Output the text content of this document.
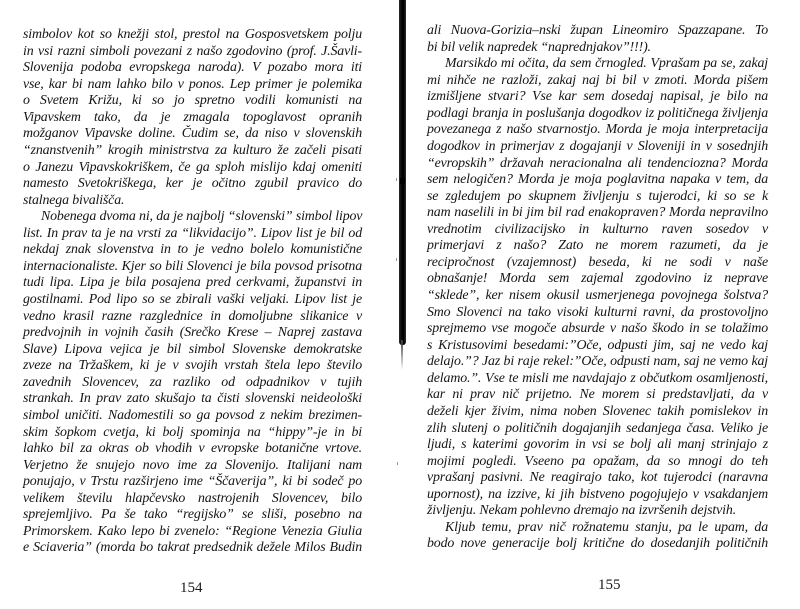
simbolov kot so knežji stol, prestol na Gosposvetskem polju
in vsi razni simboli povezani z našo zgodovino (prof. J.Šavli-
Slovenija podoba evropskega naroda). V pozabo mora iti
vse, kar bi nam lahko bilo v ponos. Lep primer je polemika
o Svetem Križu, ki so jo spretno vodili komunisti na
Vipavskem tako, da je zmagala topoglavost opranih
možganov Vipavske doline. Čudim se, da niso v slovenskih
“znanstvenih” krogih ministrstva za kulturo že začeli pisati
o Janezu Vipavskokriškem, če ga sploh mislijo kdaj omeniti
namesto Svetokriškega, ker je očitno zgubil pravico do
stalnega bivališča.
Nobenega dvoma ni, da je najbolj “slovenski” simbol lipov
list. In prav ta je na vrsti za “likvidacijo”. Lipov list je bil od
nekdaj znak slovenstva in to je vedno bolelo komunistične
internacionaliste. Kjer so bili Slovenci je bila povsod prisotna
tudi lipa. Lipa je bila posajena pred cerkvami, županstvi in
gostilnami. Pod lipo so se zbirali vaški veljaki. Lipov list je
vedno krasil razne razglednice in domoljubne slikanice v
predvojnih in vojnih časih (Srečko Krese – Naprej zastava
Slave) Lipova vejica je bil simbol Slovenske demokratske
zveze na Tržaškem, ki je v svojih vrstah štela lepo število
zavednih Slovencev, za razliko od odpadnikov v tujih
strankah. In prav zato skušajo ta čisti slovenski neideološki
simbol uničiti. Nadomestili so ga povsod z nekim brezimen-
skim šopkom cvetja, ki bolj spominja na “hippy”-je in bi
lahko bil za okras ob vhodih v evropske botanične vrtove.
Verjetno že snujejo novo ime za Slovenijo. Italijani nam
ponujajo, v Trstu razširjeno ime “Ščaverija”, ki bi sodeč po
velikem številu hlapčevsko nastrojenih Slovencev, bilo
sprejemljivo. Pa še tako “regijsko” se sliši, posebno na
Primorskem. Kako lepo bi zvenelo: “Regione Venezia Giulia
e Sciaveria” (morda bo takrat predsednik dežele Milos Budin
154
ali Nuova-Gorizia–nski župan Lineomiro Spazzapane. To
bi bil velik napredek “naprednjakov”!!!).
Marsikdo mi očita, da sem črnogled. Vprašam pa se, zakaj
mi nihče ne razloži, zakaj naj bi bil v zmoti. Morda pišem
izmišljene stvari? Vse kar sem dosedaj napisal, je bilo na
podlagi branja in poslušanja dogodkov iz političnega življenja
povezanega z našo stvarnostjo. Morda je moja interpretacija
dogodkov in primerjav z dogajanji v Sloveniji in v sosednjih
“evropskih” državah neracionalna ali tendenciozna? Morda
sem nelogičen? Morda je moja poglavitna napaka v tem, da
se zgledujem po skupnem življenju s tujerodci, ki so se k
nam naselili in bi jim bil rad enakopraven? Morda nepravilno
vrednotim civilizacijsko in kulturno raven sosedov v
primerjavi z našo? Zato ne morem razumeti, da je
recipročnost (vzajemnost) beseda, ki ne sodi v naše
obnašanje! Morda sem zajemal zgodovino iz neprave
“sklede”, ker nisem okusil usmerjenega povojnega šolstva?
Smo Slovenci na tako visoki kulturni ravni, da prostovoljno
sprejmemo vse mogoče absurde v našo škodo in se tolažimo
s Kristusovimi besedami:”Oče, odpusti jim, saj ne vedo kaj
delajo.”? Jaz bi raje rekel:”Oče, odpusti nam, saj ne vemo kaj
delamo.”. Vse te misli me navdajajo z občutkom osamljenosti,
kar ni prav nič prijetno. Ne morem si predstavljati, da v
deželi kjer živim, nima noben Slovenec takih pomislekov in
zlih slutenj o političnih dogajanjih sedanjega časa. Veliko je
ljudi, s katerimi govorim in vsi se bolj ali manj strinjajo z
mojimi pogledi. Vseeno pa opažam, da so mnogi do teh
vprašanj pasivni. Ne reagirajo tako, kot tujerodci (naravna
upornost), na izzive, ki jih bistveno pogojujejo v vsakdanjem
življenju. Nekam pohlevno dremajo na izvršenih dejstvih.
Kljub temu, prav nič rožnatemu stanju, pa le upam, da
bodo nove generacije bolj kritične do dosedanjih političnih
155
